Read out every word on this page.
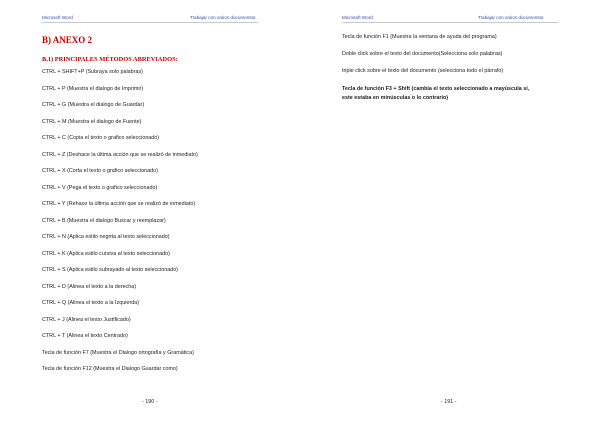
Microsoft Word	Trabajar con varios documentos
B) ANEXO 2
B.1) PRINCIPALES MÉTODOS ABREVIADOS:
CTRL + SHIFT+P (Subraya solo palabras)
CTRL + P (Muestra el dialogo de Imprimir)
CTRL + G (Muestra el dialogo de Guardar)
CTRL + M (Muestra el dialogo de Fuente)
CTRL + C (Copia el texto o grafico seleccionado)
CTRL + Z (Deshace la última acción que se realizó de inmediato)
CTRL + X (Corta el texto o grafico seleccionado)
CTRL + V (Pega el texto o grafico seleccionado)
CTRL + Y (Rehace la última acción que se realizó de inmediato)
CTRL + B (Muestra el dialogo Buscar y reemplazar)
CTRL + N (Aplica estilo negrita al texto seleccionado)
CTRL + K (Aplica estilo cursiva al texto seleccionado)
CTRL + S (Aplica estilo subrayado al texto seleccionado)
CTRL + D (Alinea el texto a la derecha)
CTRL + Q (Alinea el texto a la Izquierda)
CTRL + J (Alinea el texto Justificado)
CTRL + T (Alinea el texto Centrado)
Tecla de función F7 (Muestra el Dialogo ortografía y Gramática)
Tecla de función F12 (Muestra el Dialogo Guardar como)
- 190 -
Microsoft Word	Trabajar con varios documentos
Tecla de función F1 (Muestra la ventana de ayuda del programa)
Doble click sobre el texto del documento(Selecciona solo palabras)
triple click sobre el texto del documento (selecciona todo el párrafo)
Tecla de función F3 + Shift (cambia el texto seleccionado a mayúscula si,
este estaba en minúsculas o lo contrario)
- 191 -
